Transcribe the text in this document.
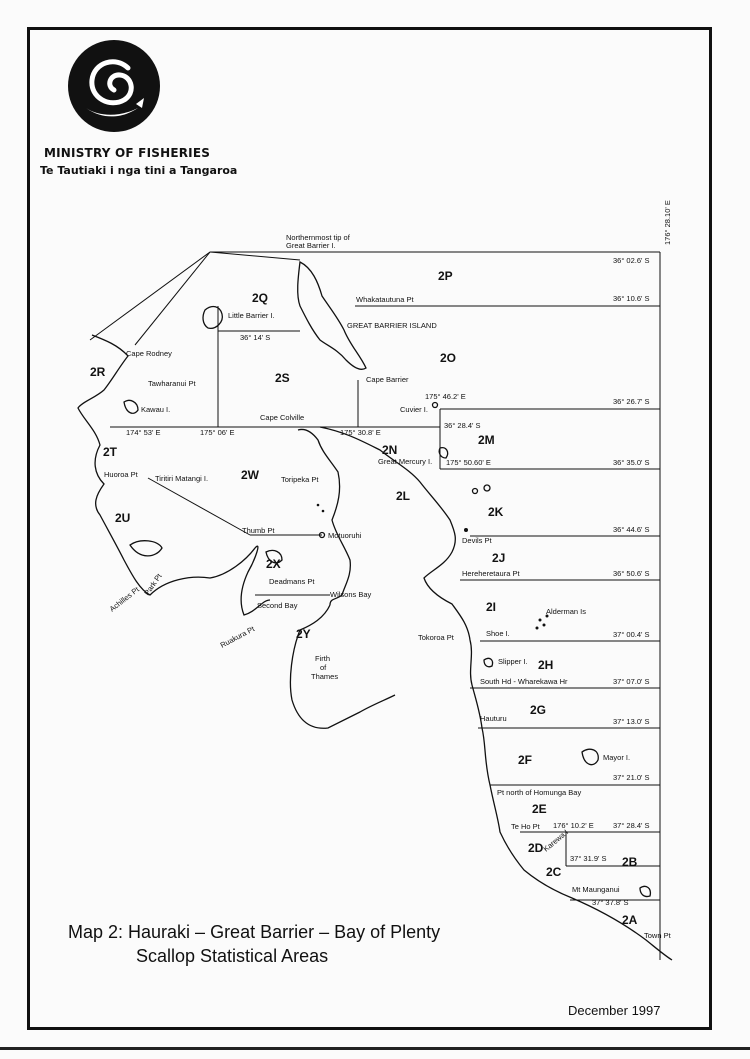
MINISTRY OF FISHERIES
Te Tautiaki i nga tini a Tangaroa
176° 28.10' E
2P
2Q
2R	2S
2O
2T
2M
2N
2W
2L
2K
2U
2X	2J
2I
2Y
2H
2G
2F
2E
2D
2C
2B
2A
36° 02.6' S
36° 10.6' S
36° 14' S
36° 26.7' S
36° 28.4' S
36° 35.0' S
36° 44.6' S
36° 50.6' S
37° 00.4' S
37° 07.0' S
37° 13.0' S
37° 21.0' S
37° 28.4' S
37° 31.9' S
37° 37.8' S
174° 53' E	175° 06' E	175° 30.8' E
175° 46.2' E
175° 50.60' E
176° 10.2' E
Northernmost tip of
Great Barrier I.
Whakatautuna Pt
Little Barrier I.
GREAT BARRIER ISLAND
Cape Rodney
Tawharanui Pt	Cape Barrier
Kawau I.	Cuvier I.
Cape Colville
Great Mercury I.
Huoroa Pt Tiritiri Matangi I.	Toripeka Pt
Thumb Pt
Motuoruhi
Devils Pt
Hereheretaura Pt
Deadmans Pt
Wilsons Bay
Achilles Pt
Park Pt
Second Bay
Ruakura Pt
Alderman Is
Shoe I.
Tokoroa Pt
Firth
of
Thames
Slipper I.
South Hd - Wharekawa Hr
Hauturu
Mayor I.
Pt north of Homunga Bay
Te Ho Pt Karewa I.
Mt Maunganui
Town Pt
Map 2: Hauraki – Great Barrier – Bay of Plenty
Scallop Statistical Areas
December 1997
